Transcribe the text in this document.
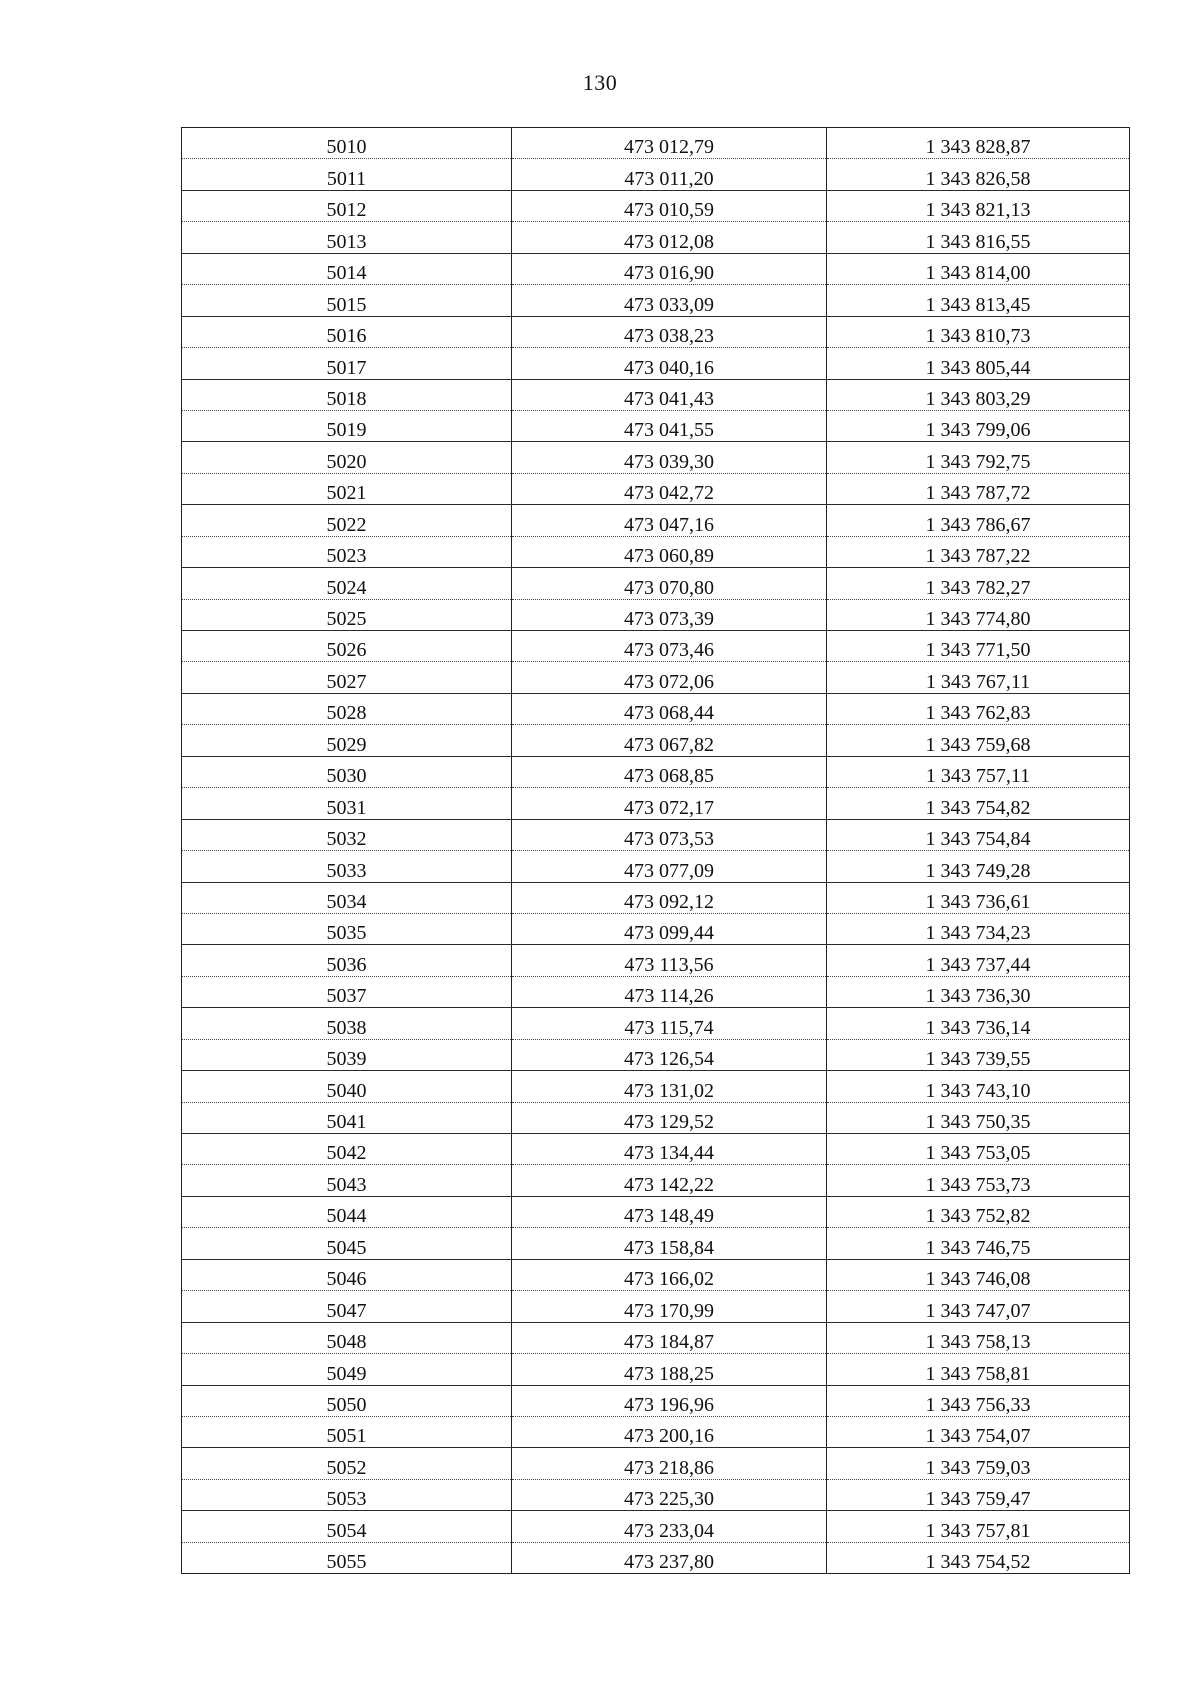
130
5010	473 012,79	1 343 828,87
5011	473 011,20	1 343 826,58
5012	473 010,59	1 343 821,13
5013	473 012,08	1 343 816,55
5014	473 016,90	1 343 814,00
5015	473 033,09	1 343 813,45
5016	473 038,23	1 343 810,73
5017	473 040,16	1 343 805,44
5018	473 041,43	1 343 803,29
5019	473 041,55	1 343 799,06
5020	473 039,30	1 343 792,75
5021	473 042,72	1 343 787,72
5022	473 047,16	1 343 786,67
5023	473 060,89	1 343 787,22
5024	473 070,80	1 343 782,27
5025	473 073,39	1 343 774,80
5026	473 073,46	1 343 771,50
5027	473 072,06	1 343 767,11
5028	473 068,44	1 343 762,83
5029	473 067,82	1 343 759,68
5030	473 068,85	1 343 757,11
5031	473 072,17	1 343 754,82
5032	473 073,53	1 343 754,84
5033	473 077,09	1 343 749,28
5034	473 092,12	1 343 736,61
5035	473 099,44	1 343 734,23
5036	473 113,56	1 343 737,44
5037	473 114,26	1 343 736,30
5038	473 115,74	1 343 736,14
5039	473 126,54	1 343 739,55
5040	473 131,02	1 343 743,10
5041	473 129,52	1 343 750,35
5042	473 134,44	1 343 753,05
5043	473 142,22	1 343 753,73
5044	473 148,49	1 343 752,82
5045	473 158,84	1 343 746,75
5046	473 166,02	1 343 746,08
5047	473 170,99	1 343 747,07
5048	473 184,87	1 343 758,13
5049	473 188,25	1 343 758,81
5050	473 196,96	1 343 756,33
5051	473 200,16	1 343 754,07
5052	473 218,86	1 343 759,03
5053	473 225,30	1 343 759,47
5054	473 233,04	1 343 757,81
5055	473 237,80	1 343 754,52
